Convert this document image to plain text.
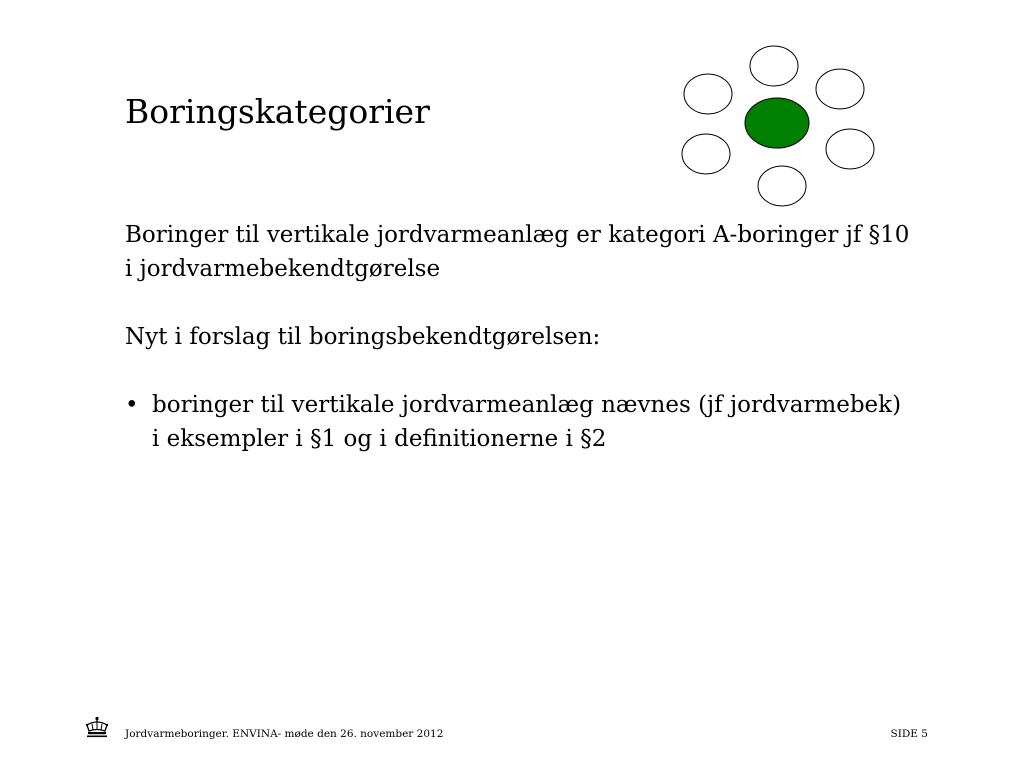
Boringskategorier

Boringer til vertikale jordvarmeanlæg er kategori A-boringer jf §10
i jordvarmebekendtgørelse

Nyt i forslag til boringsbekendtgørelsen:

• boringer til vertikale jordvarmeanlæg nævnes (jf jordvarmebek)
i eksempler i §1 og i definitionerne i §2

Jordvarmeboringer. ENVINA- møde den 26. november 2012	SIDE 5
